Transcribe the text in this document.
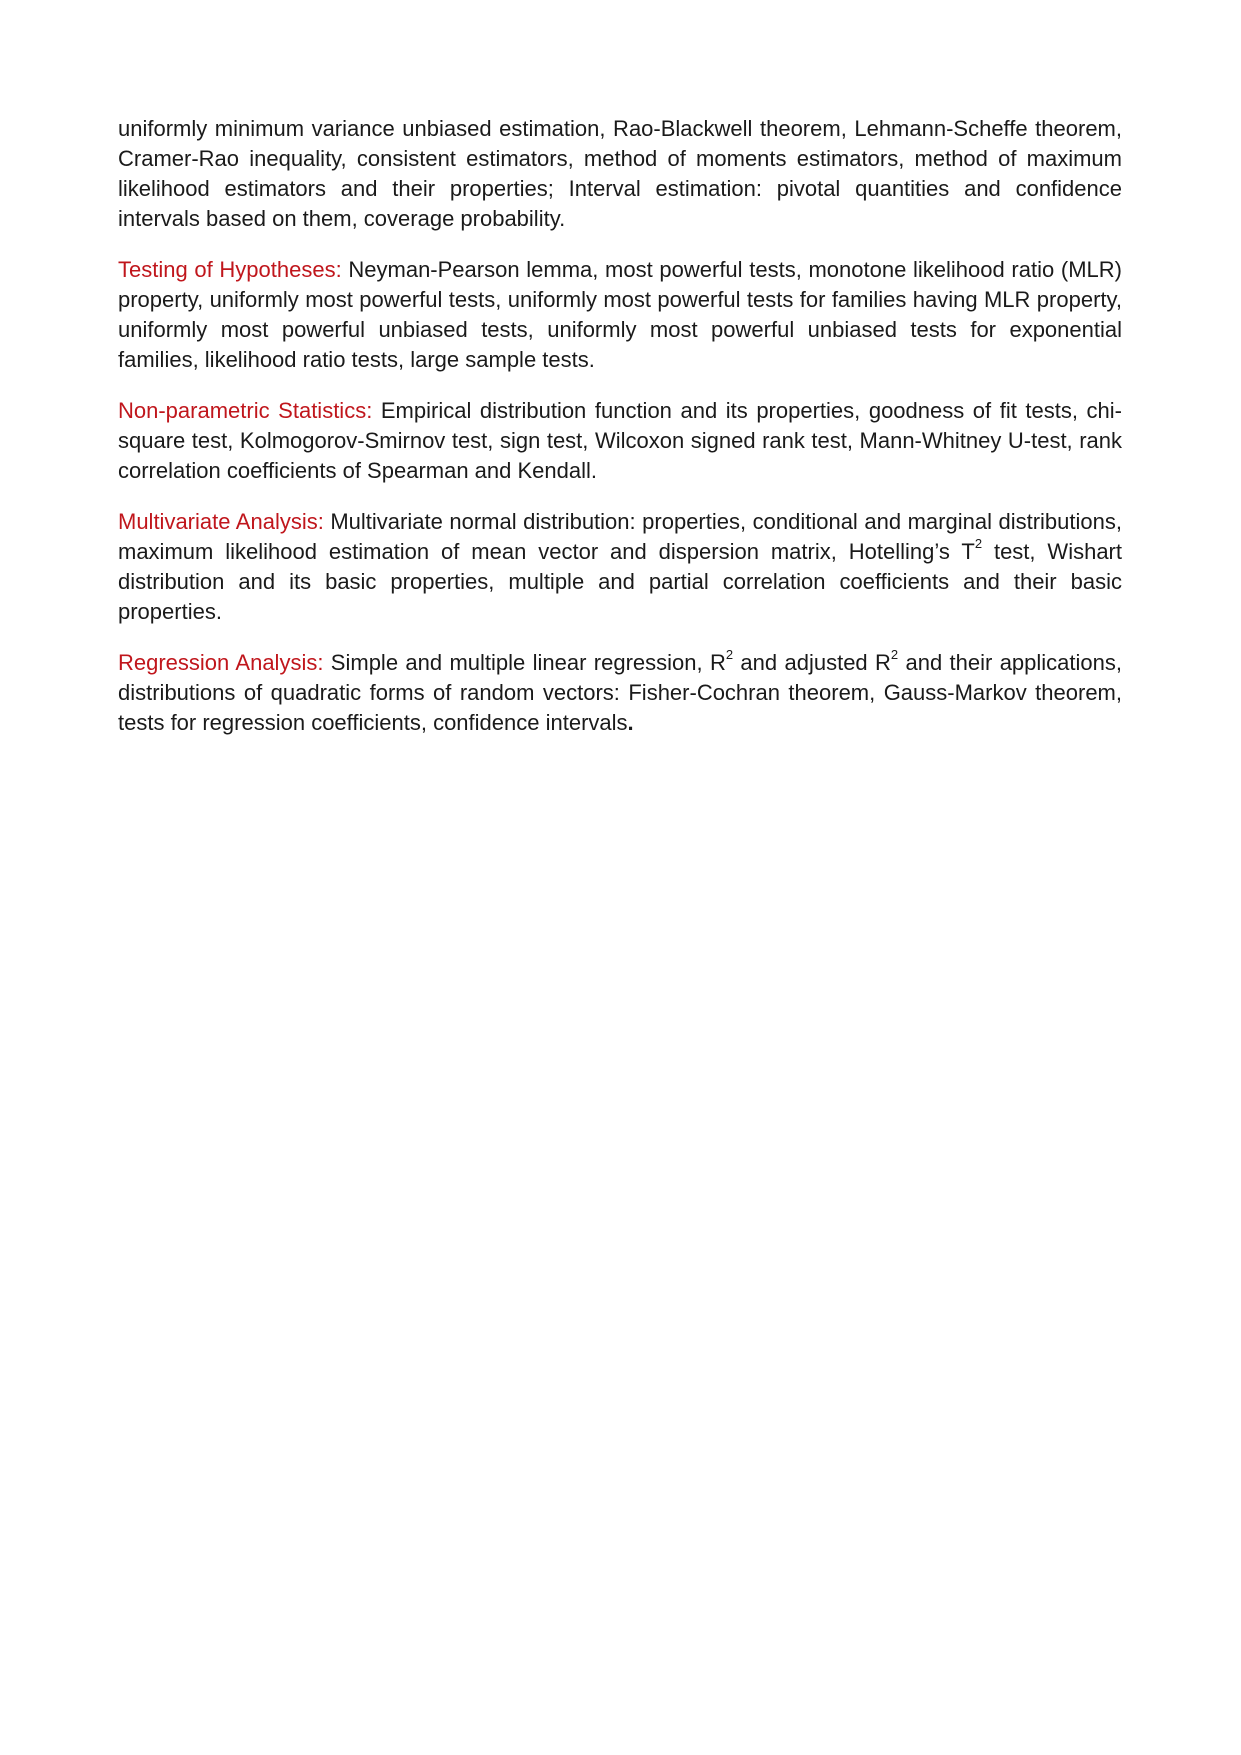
uniformly minimum variance unbiased estimation, Rao-Blackwell theorem, Lehmann-Scheffe theorem, Cramer-Rao inequality, consistent estimators, method of moments estimators, method of maximum likelihood estimators and their properties; Interval estimation: pivotal quantities and confidence intervals based on them, coverage probability.

Testing of Hypotheses: Neyman-Pearson lemma, most powerful tests, monotone likelihood ratio (MLR) property, uniformly most powerful tests, uniformly most powerful tests for families having MLR property, uniformly most powerful unbiased tests, uniformly most powerful unbiased tests for exponential families, likelihood ratio tests, large sample tests.

Non-parametric Statistics: Empirical distribution function and its properties, goodness of fit tests, chi-square test, Kolmogorov-Smirnov test, sign test, Wilcoxon signed rank test, Mann-Whitney U-test, rank correlation coefficients of Spearman and Kendall.

Multivariate Analysis: Multivariate normal distribution: properties, conditional and marginal distributions, maximum likelihood estimation of mean vector and dispersion matrix, Hotelling’s $T^2$ test, Wishart distribution and its basic properties, multiple and partial correlation coefficients and their basic properties.

Regression Analysis: Simple and multiple linear regression, $R^2$ and adjusted $R^2$ and their applications, distributions of quadratic forms of random vectors: Fisher-Cochran theorem, Gauss-Markov theorem, tests for regression coefficients, confidence intervals.
